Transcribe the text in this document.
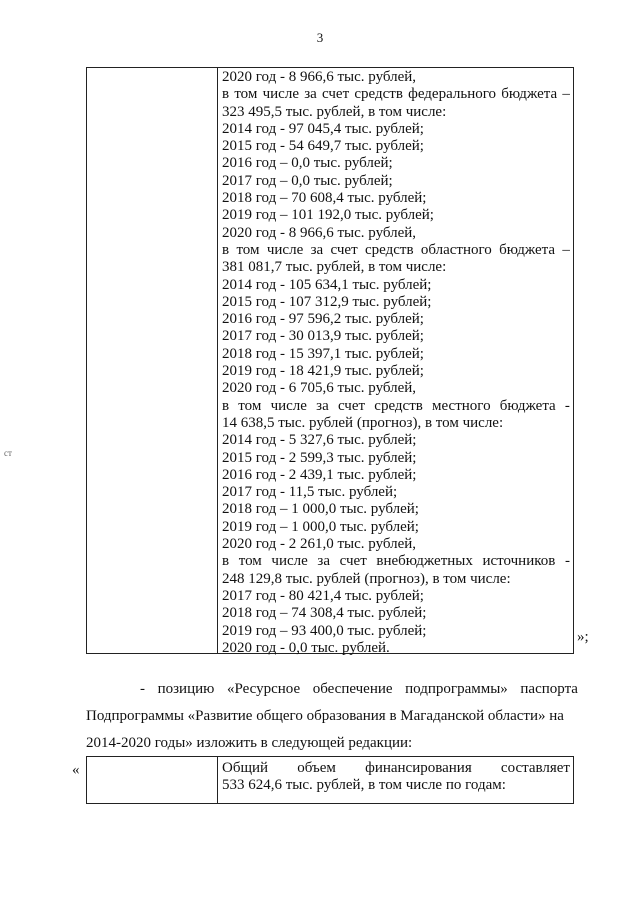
3
ст
2020 год - 8 966,6 тыс. рублей,
в том числе за счет средств федерального бюджета –
323 495,5 тыс. рублей, в том числе:
2014 год - 97 045,4 тыс. рублей;
2015 год - 54 649,7 тыс. рублей;
2016 год – 0,0 тыс. рублей;
2017 год – 0,0 тыс. рублей;
2018 год – 70 608,4 тыс. рублей;
2019 год – 101 192,0 тыс. рублей;
2020 год - 8 966,6 тыс. рублей,
в том числе за счет средств областного бюджета –
381 081,7 тыс. рублей, в том числе:
2014 год - 105 634,1 тыс. рублей;
2015 год - 107 312,9 тыс. рублей;
2016 год - 97 596,2 тыс. рублей;
2017 год - 30 013,9 тыс. рублей;
2018 год - 15 397,1 тыс. рублей;
2019 год - 18 421,9 тыс. рублей;
2020 год - 6 705,6 тыс. рублей,
в том числе за счет средств местного бюджета -
14 638,5 тыс. рублей (прогноз), в том числе:
2014 год - 5 327,6 тыс. рублей;
2015 год - 2 599,3 тыс. рублей;
2016 год - 2 439,1 тыс. рублей;
2017 год - 11,5 тыс. рублей;
2018 год – 1 000,0 тыс. рублей;
2019 год – 1 000,0 тыс. рублей;
2020 год - 2 261,0 тыс. рублей,
в том числе за счет внебюджетных источников -
248 129,8 тыс. рублей (прогноз), в том числе:
2017 год - 80 421,4 тыс. рублей;
2018 год – 74 308,4 тыс. рублей;
2019 год – 93 400,0 тыс. рублей;
2020 год - 0,0 тыс. рублей.
»;
- позицию «Ресурсное обеспечение подпрограммы» паспорта
Подпрограммы «Развитие общего образования в Магаданской области» на
2014-2020 годы» изложить в следующей редакции:
«	Общий объем финансирования составляет
533 624,6 тыс. рублей, в том числе по годам:
